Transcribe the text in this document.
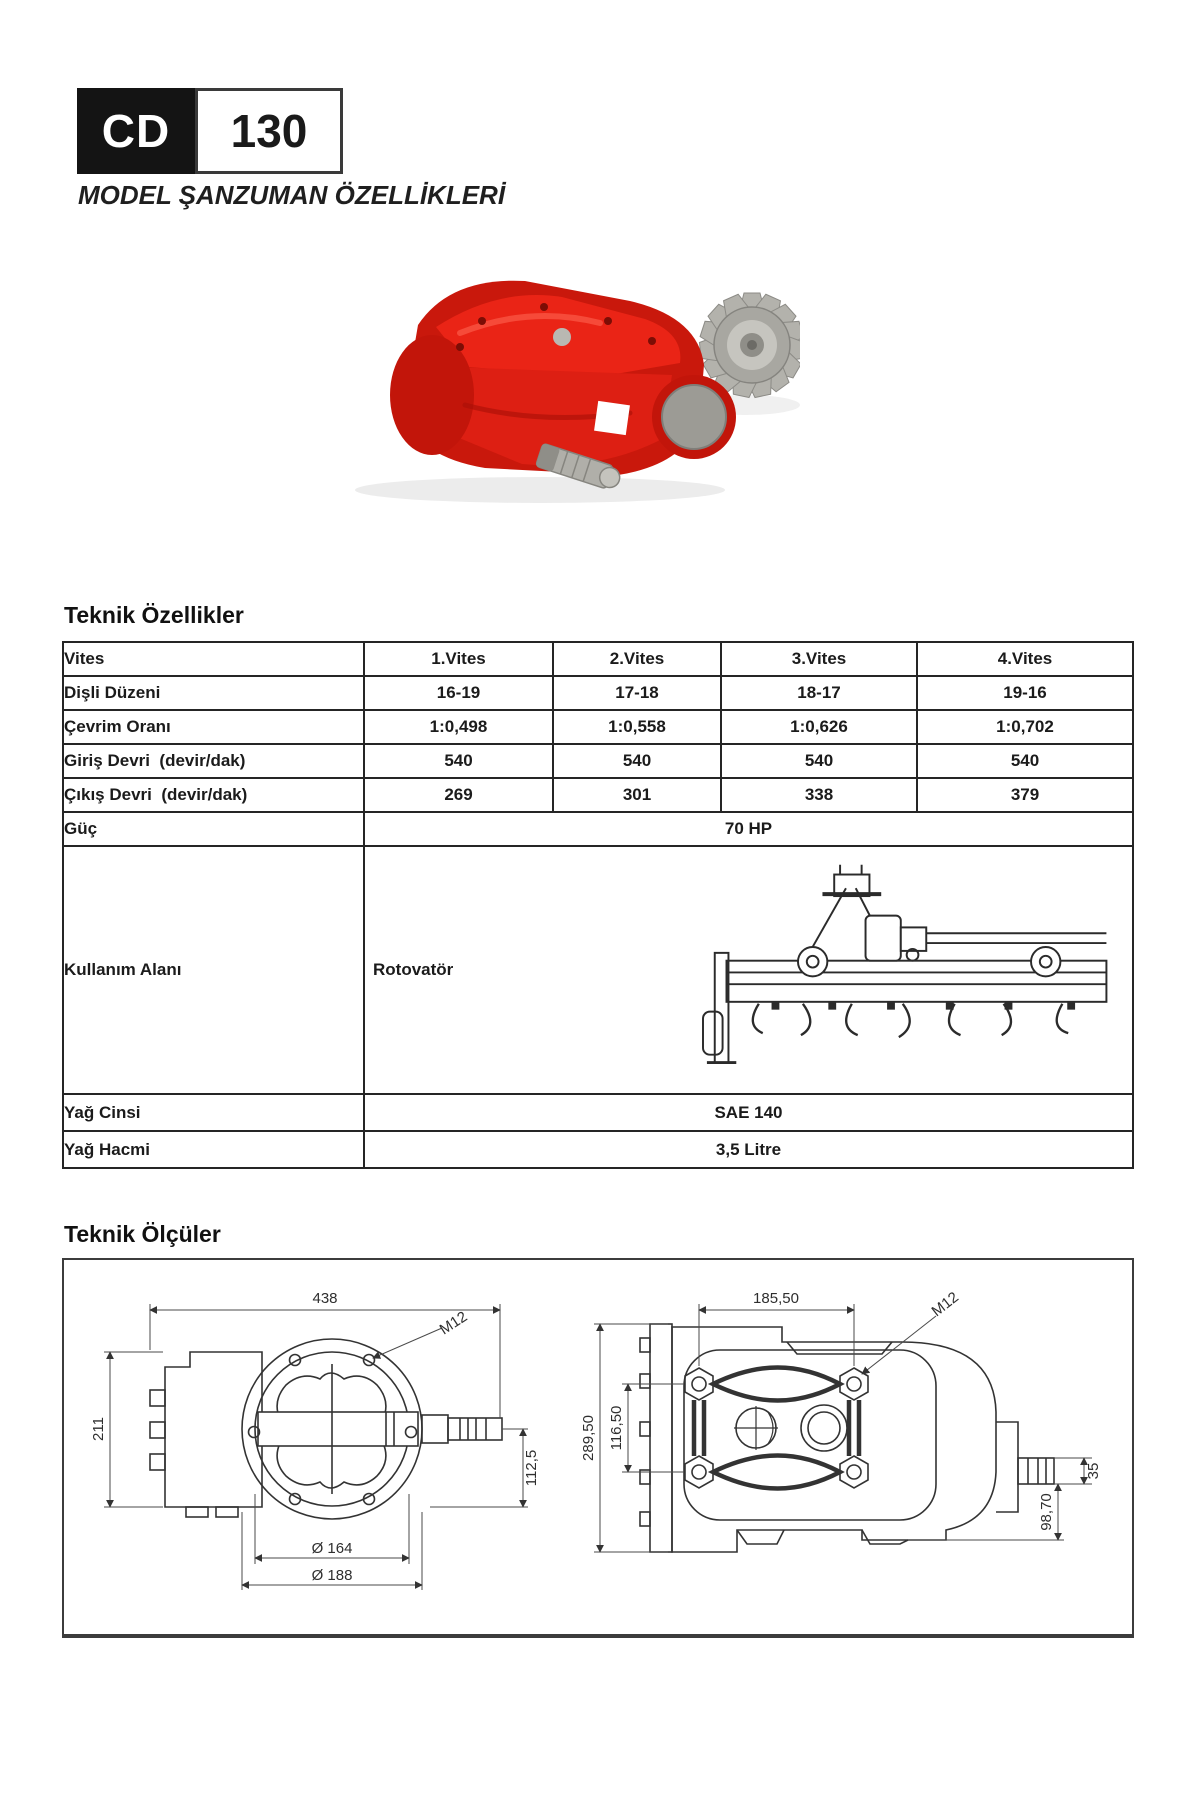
CD	130
MODEL ŞANZUMAN ÖZELLİKLERİ
Teknik Özellikler
Vites	1.Vites	2.Vites	3.Vites	4.Vites
Dişli Düzeni	16-19	17-18	18-17	19-16
Çevrim Oranı	1:0,498	1:0,558	1:0,626	1:0,702
Giriş Devri  (devir/dak)	540	540	540	540
Çıkış Devri  (devir/dak)	269	301	338	379
Güç	70 HP			
Kullanım Alanı	Rotovatör			

Yağ Cinsi	SAE 140			
Yağ Hacmi	3,5 Litre			
Teknik Ölçüler
438
211
M12
Ø 164
Ø 188
112,5
185,50	M12
289,50 116,50
98,70
35
